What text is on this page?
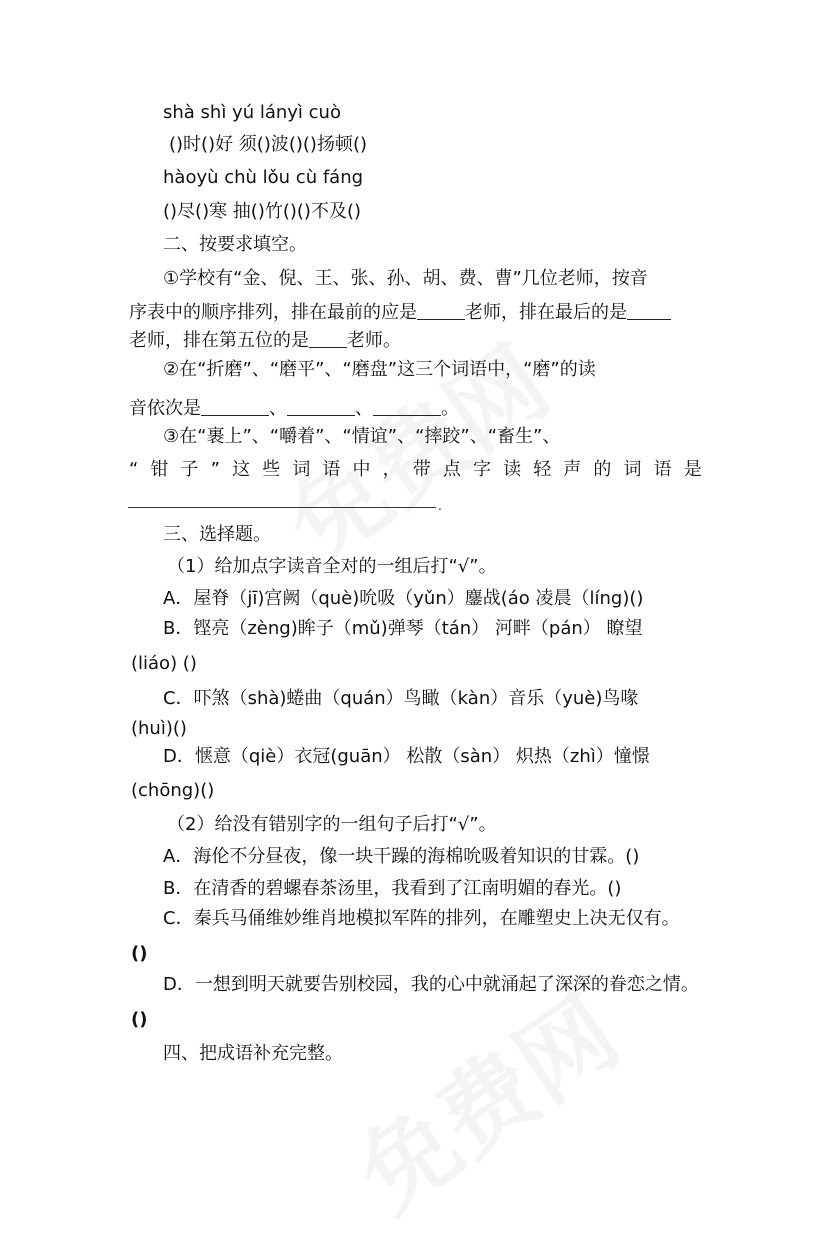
shà shì yú lányì cuò
()时()好 须()波()()扬顿()
hàoyù chù lǒu cù fáng
()尽()寒 抽()竹()()不及()
二、按要求填空。
①学校有“金、倪、王、张、孙、胡、费、曹”几位老师，按音
序表中的顺序排列，排在最前的应是	老师，排在最后的是
老师，排在第五位的是 老师。
②在“折磨”、“磨平”、“磨盘”这三个词语中，“磨”的读
音依次是	、	、	。
③在“裹上”、“嚼着”、“情谊”、“摔跤”、“畜生”、
“ 钳 子 ” 这 些 词 语 中 ， 带 点 字 读 轻 声 的 词 语 是
.
三、选择题。
（1）给加点字读音全对的一组后打“√”。
A．屋脊（jī)宫阙（què)吮吸（yǔn）鏖战(áo 凌晨（líng)()
B．铿亮（zèng)眸子（mǔ)弹琴（tán） 河畔（pán） 瞭望
(liáo) ()
C．吓煞（shà)蜷曲（quán）鸟瞰（kàn）音乐（yuè)鸟喙
(huì)()
D．惬意（qiè）衣冠(guān） 松散（sàn） 炽热（zhì）憧憬
(chōng)()
（2）给没有错别字的一组句子后打“√”。
A．海伦不分昼夜，像一块干躁的海棉吮吸着知识的甘霖。()
B．在清香的碧螺春茶汤里，我看到了江南明媚的春光。()
C．秦兵马俑维妙维肖地模拟军阵的排列，在雕塑史上决无仅有。
()
D．一想到明天就要告别校园，我的心中就涌起了深深的眷恋之情。
()
四、把成语补充完整。
